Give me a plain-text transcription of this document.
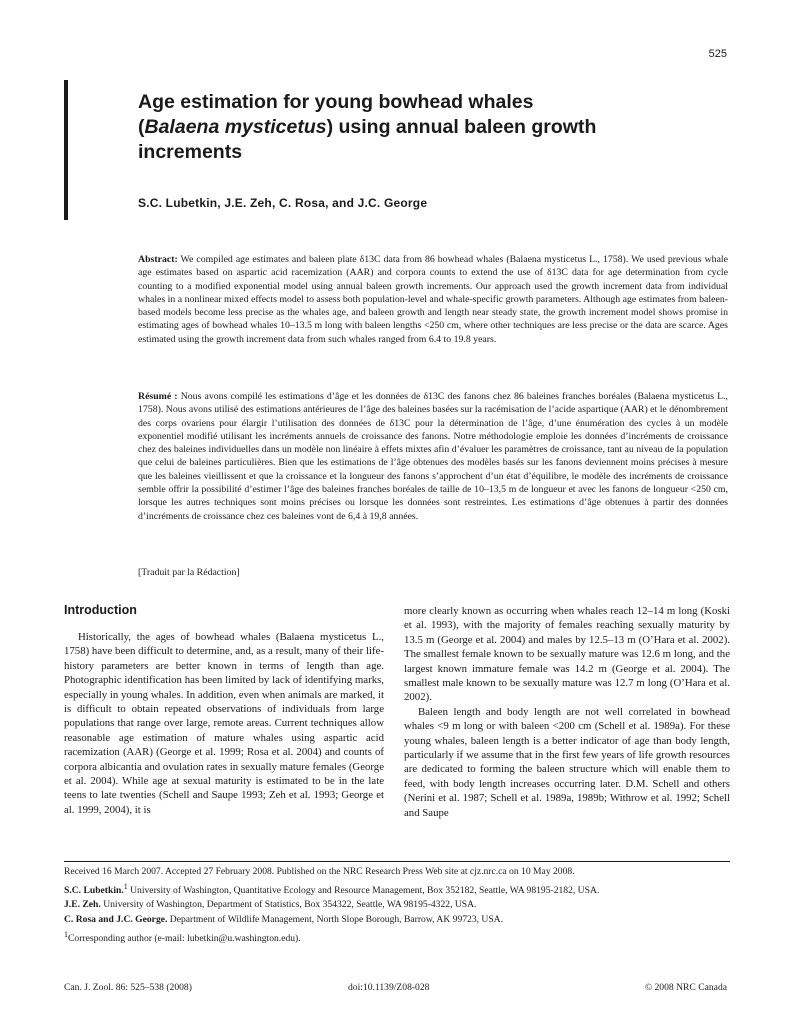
525
Age estimation for young bowhead whales
(Balaena mysticetus) using annual baleen growth
increments
S.C. Lubetkin, J.E. Zeh, C. Rosa, and J.C. George
Abstract: We compiled age estimates and baleen plate δ13C data from 86 bowhead whales (Balaena mysticetus L., 1758). We used previous whale age estimates based on aspartic acid racemization (AAR) and corpora counts to extend the use of δ13C data for age determination from cycle counting to a modified exponential model using annual baleen growth increments. Our approach used the growth increment data from individual whales in a nonlinear mixed effects model to assess both population-level and whale-specific growth parameters. Although age estimates from baleen-based models become less precise as the whales age, and baleen growth and length near steady state, the growth increment model shows promise in estimating ages of bowhead whales 10–13.5 m long with baleen lengths <250 cm, where other techniques are less precise or the data are scarce. Ages estimated using the growth increment data from such whales ranged from 6.4 to 19.8 years.
Résumé : Nous avons compilé les estimations d’âge et les données de δ13C des fanons chez 86 baleines franches boréales (Balaena mysticetus L., 1758). Nous avons utilisé des estimations antérieures de l’âge des baleines basées sur la racémisation de l’acide aspartique (AAR) et le dénombrement des corps ovariens pour élargir l’utilisation des données de δ13C pour la détermination de l’âge, d’une énumération des cycles à un modèle exponentiel modifié utilisant les incréments annuels de croissance des fanons. Notre méthodologie emploie les données d’incréments de croissance chez des baleines individuelles dans un modèle non linéaire à effets mixtes afin d’évaluer les paramètres de croissance, tant au niveau de la population que celui de baleines particulières. Bien que les estimations de l’âge obtenues des modèles basés sur les fanons deviennent moins précises à mesure que les baleines vieillissent et que la croissance et la longueur des fanons s’approchent d’un état d’équilibre, le modèle des incréments de croissance semble offrir la possibilité d’estimer l’âge des baleines franches boréales de taille de 10–13,5 m de longueur et avec les fanons de longueur <250 cm, lorsque les autres techniques sont moins précises ou lorsque les données sont restreintes. Les estimations d’âge obtenues à partir des données d’incréments de croissance chez ces baleines vont de 6,4 à 19,8 années.
[Traduit par la Rédaction]
Introduction

Historically, the ages of bowhead whales (Balaena mysticetus L., 1758) have been difficult to determine, and, as a result, many of their life-history parameters are better known in terms of length than age. Photographic identification has been limited by lack of identifying marks, especially in young whales. In addition, even when animals are marked, it is difficult to obtain repeated observations of individuals from large populations that range over large, remote areas. Current techniques allow reasonable age estimation of mature whales using aspartic acid racemization (AAR) (George et al. 1999; Rosa et al. 2004) and counts of corpora albicantia and ovulation rates in sexually mature females (George et al. 2004). While age at sexual maturity is estimated to be in the late teens to late twenties (Schell and Saupe 1993; Zeh et al. 1993; George et al. 1999, 2004), it is

more clearly known as occurring when whales reach 12–14 m long (Koski et al. 1993), with the majority of females reaching sexually maturity by 13.5 m (George et al. 2004) and males by 12.5–13 m (O’Hara et al. 2002). The smallest female known to be sexually mature was 12.6 m long, and the largest known immature female was 14.2 m (George et al. 2004). The smallest male known to be sexually mature was 12.7 m long (O’Hara et al. 2002).

Baleen length and body length are not well correlated in bowhead whales <9 m long or with baleen <200 cm (Schell et al. 1989a). For these young whales, baleen length is a better indicator of age than body length, particularly if we assume that in the first few years of life growth resources are dedicated to forming the baleen structure which will enable them to feed, with body length increases occurring later. D.M. Schell and others (Nerini et al. 1987; Schell et al. 1989a, 1989b; Withrow et al. 1992; Schell and Saupe

Received 16 March 2007. Accepted 27 February 2008. Published on the NRC Research Press Web site at cjz.nrc.ca on 10 May 2008.

S.C. Lubetkin.$^1$ University of Washington, Quantitative Ecology and Resource Management, Box 352182, Seattle, WA 98195-2182, USA.

J.E. Zeh. University of Washington, Department of Statistics, Box 354322, Seattle, WA 98195-4322, USA.

C. Rosa and J.C. George. Department of Wildlife Management, North Slope Borough, Barrow, AK 99723, USA.

$^1$Corresponding author (e-mail: lubetkin@u.washington.edu).

Can. J. Zool. 86: 525–538 (2008)	doi:10.1139/Z08-028	© 2008 NRC Canada
